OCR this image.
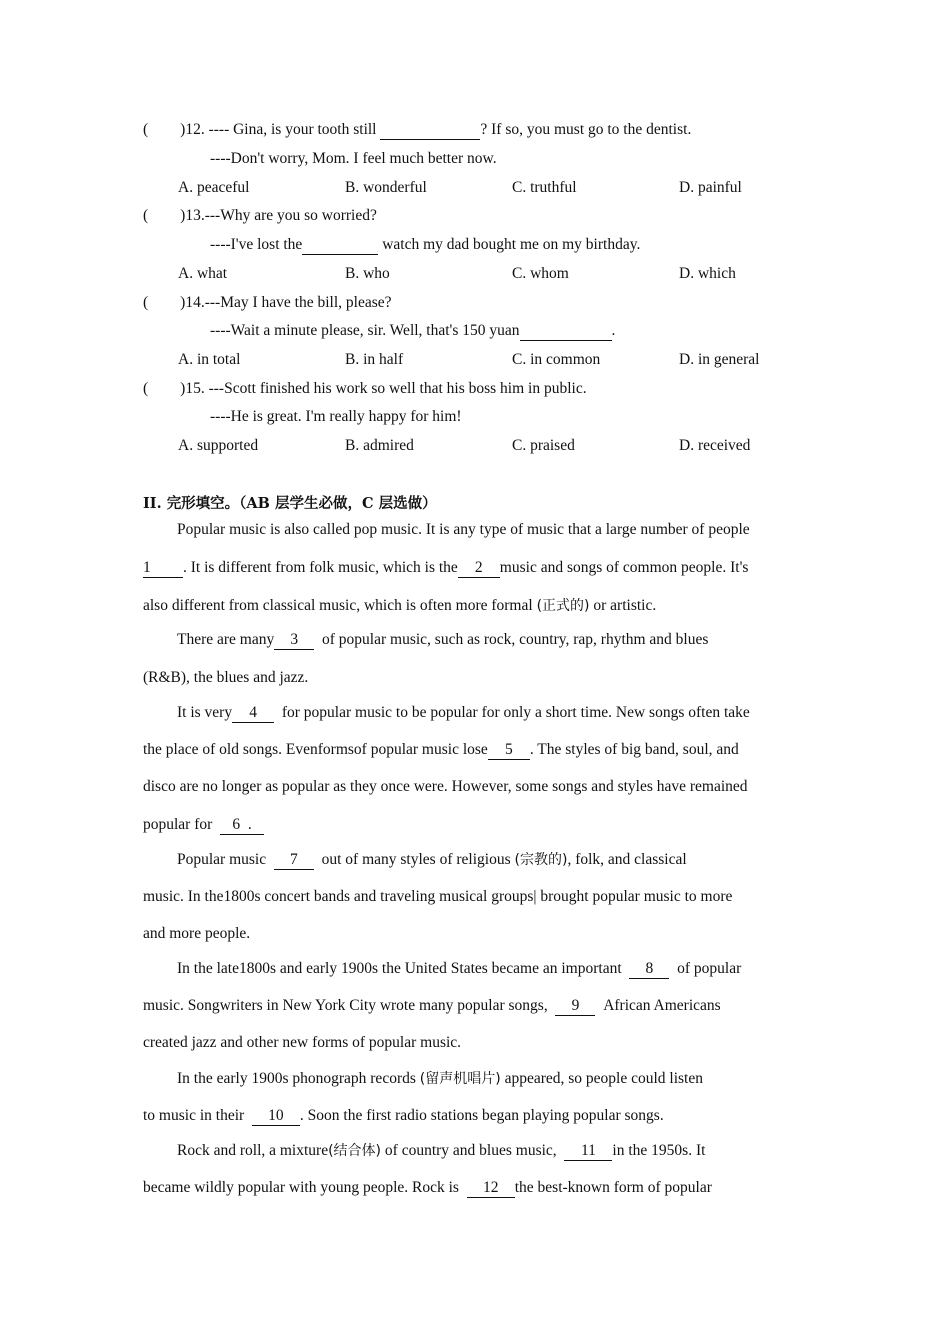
( )12. ---- Gina, is your tooth still	? If so, you must go to the dentist.
----Don't worry, Mom. I feel much better now.
A. peaceful	B. wonderful	C. truthful	D. painful
( )13.---Why are you so worried?
----I've lost the	watch my dad bought me on my birthday.
A. what	B. who	C. whom	D. which
( )14.---May I have the bill, please?
----Wait a minute please, sir. Well, that's 150 yuan	.
A. in total	B. in half	C. in common	D. in general
( )15. ---Scott finished his work so well that his boss him in public.
----He is great. I'm really happy for him!
A. supported	B. admired	C. praised	D. received
II. 完形填空。（AB 层学生必做，C 层选做）
Popular music is also called pop music. It is any type of music that a large number of people
1 . It is different from folk music, which is the 2 music and songs of common people. It's
also different from classical music, which is often more formal (正式的) or artistic.
There are many 3 of popular music, such as rock, country, rap, rhythm and blues
(R&B), the blues and jazz.
It is very 4 for popular music to be popular for only a short time. New songs often take
the place of old songs. Evenformsof popular music lose 5 . The styles of big band, soul, and
disco are no longer as popular as they once were. However, some songs and styles have remained
popular for 6 .
Popular music 7 out of many styles of religious (宗教的), folk, and classical
music. In the1800s concert bands and traveling musical groups| brought popular music to more
and more people.
In the late1800s and early 1900s the United States became an important 8 of popular
music. Songwriters in New York City wrote many popular songs, 9 African Americans
created jazz and other new forms of popular music.
In the early 1900s phonograph records (留声机唱片) appeared, so people could listen
to music in their 10 . Soon the first radio stations began playing popular songs.
Rock and roll, a mixture(结合体) of country and blues music, 11 in the 1950s. It
became wildly popular with young people. Rock is 12 the best-known form of popular
